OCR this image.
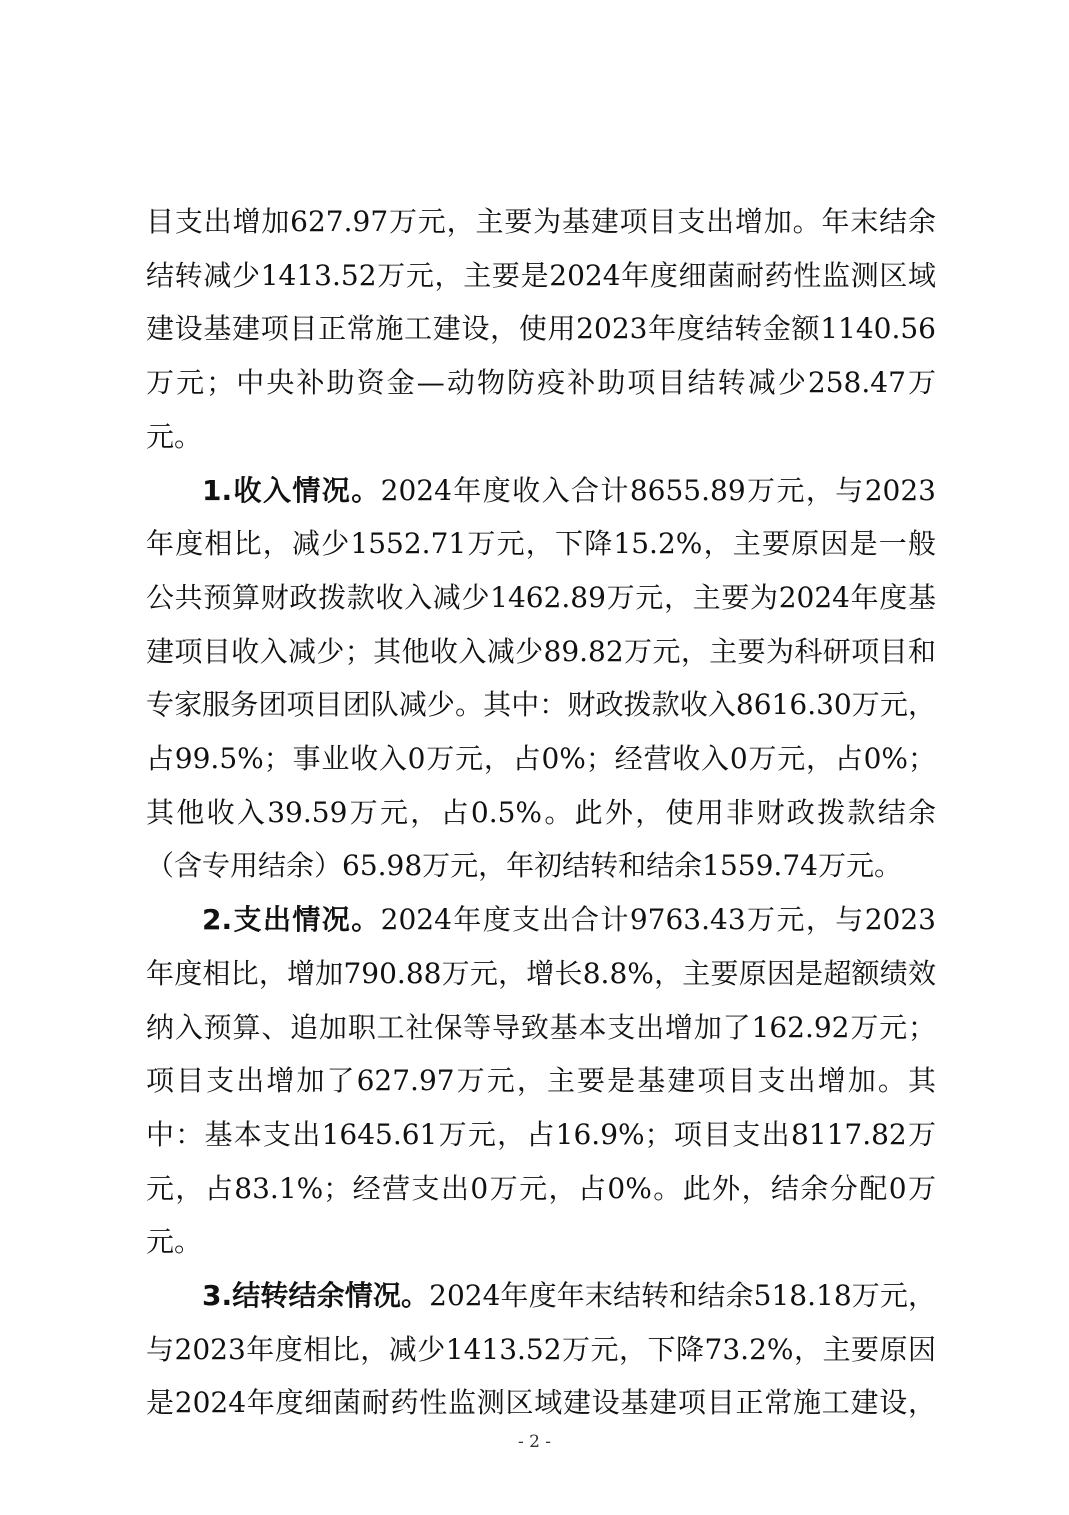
目支出增加627.97万元，主要为基建项目支出增加。年末结余结转减少1413.52万元，主要是2024年度细菌耐药性监测区域建设基建项目正常施工建设，使用2023年度结转金额1140.56万元；中央补助资金—动物防疫补助项目结转减少258.47万元。

1.收入情况。2024年度收入合计8655.89万元，与2023年度相比，减少1552.71万元，下降15.2%，主要原因是一般公共预算财政拨款收入减少1462.89万元，主要为2024年度基建项目收入减少；其他收入减少89.82万元，主要为科研项目和专家服务团项目团队减少。其中：财政拨款收入8616.30万元，占99.5%；事业收入0万元，占0%；经营收入0万元，占0%；其他收入39.59万元，占0.5%。此外，使用非财政拨款结余（含专用结余）65.98万元，年初结转和结余1559.74万元。

2.支出情况。2024年度支出合计9763.43万元，与2023年度相比，增加790.88万元，增长8.8%，主要原因是超额绩效纳入预算、追加职工社保等导致基本支出增加了162.92万元；项目支出增加了627.97万元，主要是基建项目支出增加。其中：基本支出1645.61万元，占16.9%；项目支出8117.82万元，占83.1%；经营支出0万元，占0%。此外，结余分配0万元。

3.结转结余情况。2024年度年末结转和结余518.18万元，与2023年度相比，减少1413.52万元，下降73.2%，主要原因是2024年度细菌耐药性监测区域建设基建项目正常施工建设，

- 2 -
